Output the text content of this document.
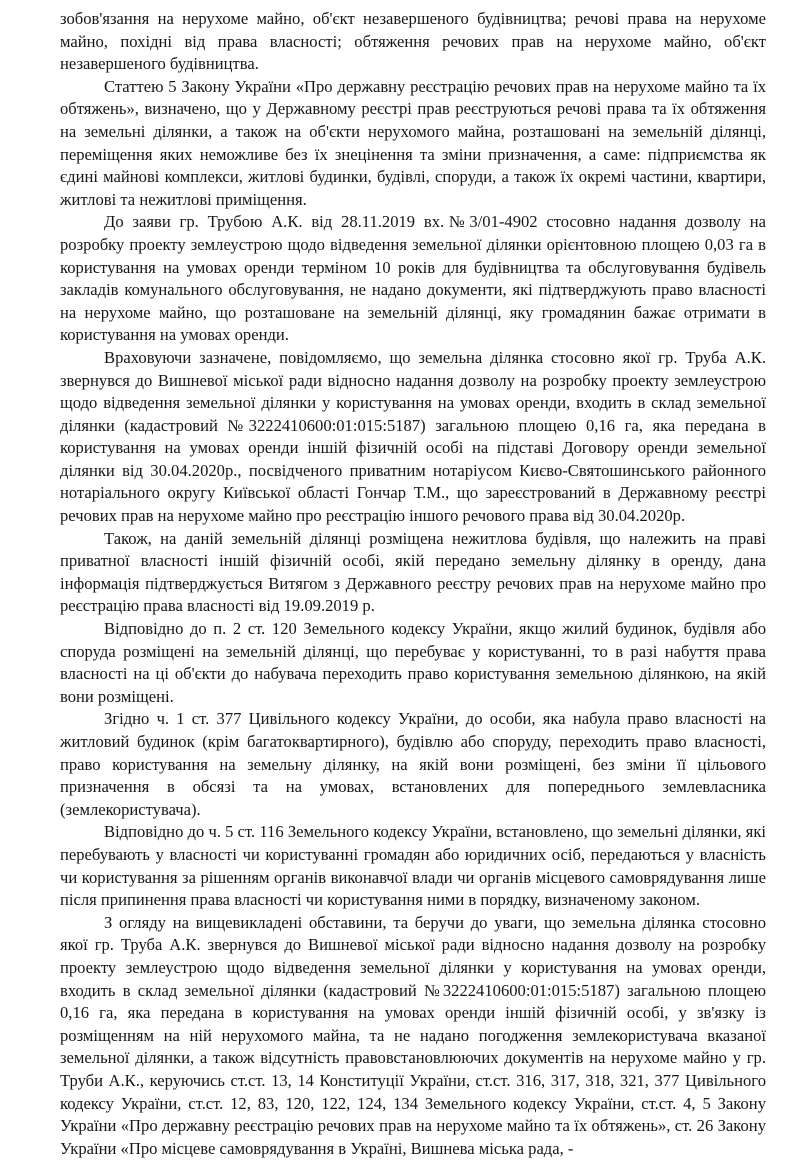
зобов'язання на нерухоме майно, об'єкт незавершеного будівництва; речові права на нерухоме майно, похідні від права власності; обтяження речових прав на нерухоме майно, об'єкт незавершеного будівництва.

Статтею 5 Закону України «Про державну реєстрацію речових прав на нерухоме майно та їх обтяжень», визначено, що у Державному реєстрі прав реєструються речові права та їх обтяження на земельні ділянки, а також на об'єкти нерухомого майна, розташовані на земельній ділянці, переміщення яких неможливе без їх знецінення та зміни призначення, а саме: підприємства як єдині майнові комплекси, житлові будинки, будівлі, споруди, а також їх окремі частини, квартири, житлові та нежитлові приміщення.

До заяви гр. Трубою А.К. від 28.11.2019 вх.№3/01-4902 стосовно надання дозволу на розробку проекту землеустрою щодо відведення земельної ділянки орієнтовною площею 0,03 га в користування на умовах оренди терміном 10 років для будівництва та обслуговування будівель закладів комунального обслуговування, не надано документи, які підтверджують право власності на нерухоме майно, що розташоване на земельній ділянці, яку громадянин бажає отримати в користування на умовах оренди.

Враховуючи зазначене, повідомляємо, що земельна ділянка стосовно якої гр. Труба А.К. звернувся до Вишневої міської ради відносно надання дозволу на розробку проекту землеустрою щодо відведення земельної ділянки у користування на умовах оренди, входить в склад земельної ділянки (кадастровий №3222410600:01:015:5187) загальною площею 0,16 га, яка передана в користування на умовах оренди іншій фізичній особі на підставі Договору оренди земельної ділянки від 30.04.2020р., посвідченого приватним нотаріусом Києво-Святошинського районного нотаріального округу Київської області Гончар Т.М., що зареєстрований в Державному реєстрі речових прав на нерухоме майно про реєстрацію іншого речового права від 30.04.2020р.

Також, на даній земельній ділянці розміщена нежитлова будівля, що належить на праві приватної власності іншій фізичній особі, якій передано земельну ділянку в оренду, дана інформація підтверджується Витягом з Державного реєстру речових прав на нерухоме майно про реєстрацію права власності від 19.09.2019 р.

Відповідно до п. 2 ст. 120 Земельного кодексу України, якщо жилий будинок, будівля або споруда розміщені на земельній ділянці, що перебуває у користуванні, то в разі набуття права власності на ці об'єкти до набувача переходить право користування земельною ділянкою, на якій вони розміщені.

Згідно ч. 1 ст. 377 Цивільного кодексу України, до особи, яка набула право власності на житловий будинок (крім багатоквартирного), будівлю або споруду, переходить право власності, право користування на земельну ділянку, на якій вони розміщені, без зміни її цільового призначення в обсязі та на умовах, встановлених для попереднього землевласника (землекористувача).

Відповідно до ч. 5 ст. 116 Земельного кодексу України, встановлено, що земельні ділянки, які перебувають у власності чи користуванні громадян або юридичних осіб, передаються у власність чи користування за рішенням органів виконавчої влади чи органів місцевого самоврядування лише після припинення права власності чи користування ними в порядку, визначеному законом.

З огляду на вищевикладені обставини, та беручи до уваги, що земельна ділянка стосовно якої гр. Труба А.К. звернувся до Вишневої міської ради відносно надання дозволу на розробку проекту землеустрою щодо відведення земельної ділянки у користування на умовах оренди, входить в склад земельної ділянки (кадастровий №3222410600:01:015:5187) загальною площею 0,16 га, яка передана в користування на умовах оренди іншій фізичній особі, у зв'язку із розміщенням на ній нерухомого майна, та не надано погодження землекористувача вказаної земельної ділянки, а також відсутність правовстановлюючих документів на нерухоме майно у гр. Труби А.К., керуючись ст.ст. 13, 14 Конституції України, ст.ст. 316, 317, 318, 321, 377 Цивільного кодексу України, ст.ст. 12, 83, 120, 122, 124, 134 Земельного кодексу України, ст.ст. 4, 5 Закону України «Про державну реєстрацію речових прав на нерухоме майно та їх обтяжень», ст. 26 Закону України «Про місцеве самоврядування в Україні, Вишнева міська рада, -
